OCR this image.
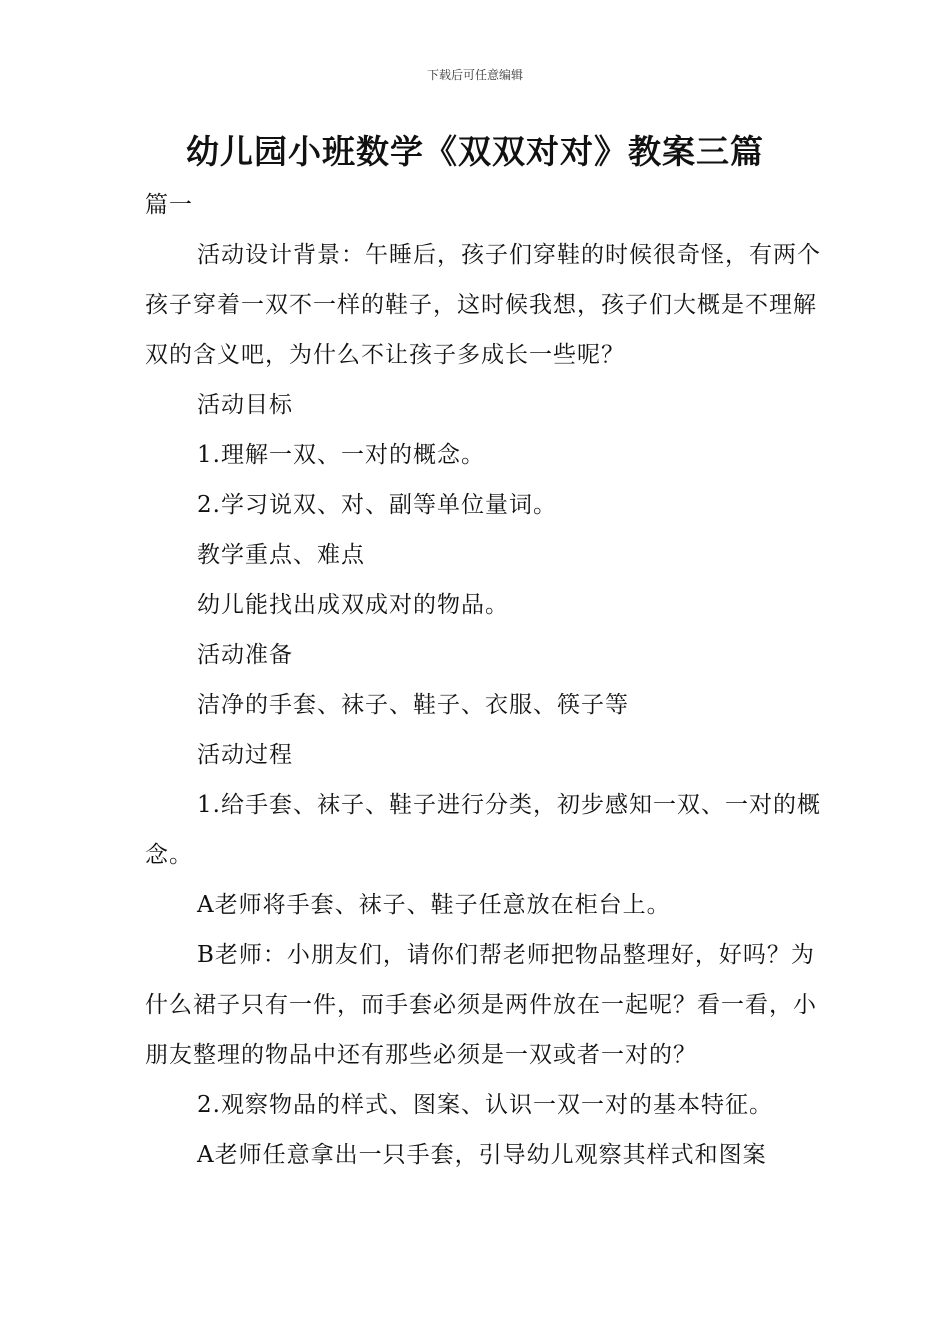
下载后可任意编辑
幼儿园小班数学《双双对对》教案三篇

篇一

活动设计背景：午睡后，孩子们穿鞋的时候很奇怪，有两个孩子穿着一双不一样的鞋子，这时候我想，孩子们大概是不理解双的含义吧，为什么不让孩子多成长一些呢？

活动目标

1.理解一双、一对的概念。

2.学习说双、对、副等单位量词。

教学重点、难点

幼儿能找出成双成对的物品。

活动准备

洁净的手套、袜子、鞋子、衣服、筷子等

活动过程

1.给手套、袜子、鞋子进行分类，初步感知一双、一对的概念。

A老师将手套、袜子、鞋子任意放在柜台上。

B老师：小朋友们，请你们帮老师把物品整理好，好吗？为什么裙子只有一件，而手套必须是两件放在一起呢？看一看，小朋友整理的物品中还有那些必须是一双或者一对的？

2.观察物品的样式、图案、认识一双一对的基本特征。

A老师任意拿出一只手套，引导幼儿观察其样式和图案
